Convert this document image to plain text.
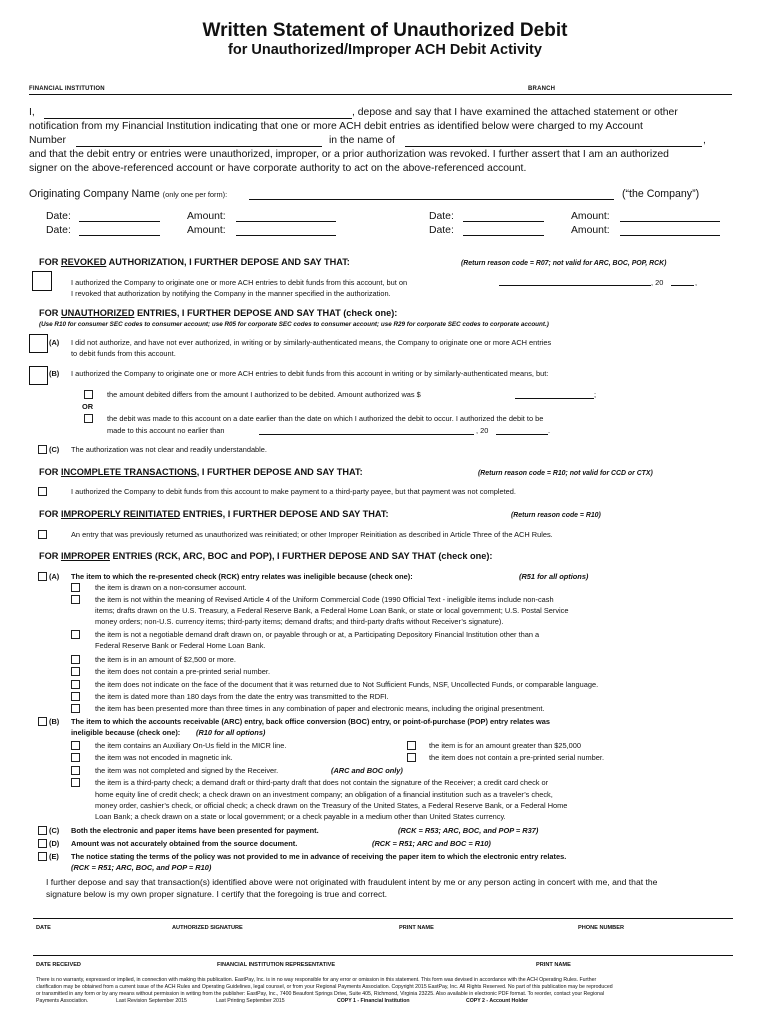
Written Statement of Unauthorized Debit
for Unauthorized/Improper ACH Debit Activity
FINANCIAL INSTITUTION	BRANCH
I,	, depose and say that I have examined the attached statement or other
notification from my Financial Institution indicating that one or more ACH debit entries as identified below were charged to my Account
Number	in the name of	,
and that the debit entry or entries were unauthorized, improper, or a prior authorization was revoked. I further assert that I am an authorized
signer on the above-referenced account or have corporate authority to act on the above-referenced account.
Originating Company Name (only one per form):	(“the Company”)
Date:	Amount:	Date:	Amount:
Date:	Amount:	Date:	Amount:
FOR REVOKED AUTHORIZATION, I FURTHER DEPOSE AND SAY THAT:	(Return reason code = R07; not valid for ARC, BOC, POP, RCK)
I authorized the Company to originate one or more ACH entries to debit funds from this account, but on	, 20	,
I revoked that authorization by notifying the Company in the manner specified in the authorization.
FOR UNAUTHORIZED ENTRIES, I FURTHER DEPOSE AND SAY THAT (check one):
(Use R10 for consumer SEC codes to consumer account; use R05 for corporate SEC codes to consumer account; use R29 for corporate SEC codes to corporate account.)
(A) I did not authorize, and have not ever authorized, in writing or by similarly-authenticated means, the Company to originate one or more ACH entries
to debit funds from this account.
(B) I authorized the Company to originate one or more ACH entries to debit funds from this account in writing or by similarly-authenticated means, but:
the amount debited differs from the amount I authorized to be debited. Amount authorized was $	;
OR
the debit was made to this account on a date earlier than the date on which I authorized the debit to occur. I authorized the debit to be
made to this account no earlier than	, 20	.
(C) The authorization was not clear and readily understandable.
FOR INCOMPLETE TRANSACTIONS, I FURTHER DEPOSE AND SAY THAT:	(Return reason code = R10; not valid for CCD or CTX)
I authorized the Company to debit funds from this account to make payment to a third-party payee, but that payment was not completed.
FOR IMPROPERLY REINITIATED ENTRIES, I FURTHER DEPOSE AND SAY THAT:	(Return reason code = R10)
An entry that was previously returned as unauthorized was reinitiated; or other Improper Reinitiation as described in Article Three of the ACH Rules.
FOR IMPROPER ENTRIES (RCK, ARC, BOC and POP), I FURTHER DEPOSE AND SAY THAT (check one):
(A) The item to which the re-presented check (RCK) entry relates was ineligible because (check one):	(R51 for all options)
the item is drawn on a non-consumer account.
the item is not within the meaning of Revised Article 4 of the Uniform Commercial Code (1990 Official Text - ineligible items include non-cash
items; drafts drawn on the U.S. Treasury, a Federal Reserve Bank, a Federal Home Loan Bank, or state or local government; U.S. Postal Service
money orders; non-U.S. currency items; third-party items; demand drafts; and third-party drafts without Receiver’s signature).
the item is not a negotiable demand draft drawn on, or payable through or at, a Participating Depository Financial Institution other than a
Federal Reserve Bank or Federal Home Loan Bank.
the item is in an amount of $2,500 or more.
the item does not contain a pre-printed serial number.
the item does not indicate on the face of the document that it was returned due to Not Sufficient Funds, NSF, Uncollected Funds, or comparable language.
the item is dated more than 180 days from the date the entry was transmitted to the RDFI.
the item has been presented more than three times in any combination of paper and electronic means, including the original presentment.
(B) The item to which the accounts receivable (ARC) entry, back office conversion (BOC) entry, or point-of-purchase (POP) entry relates was
ineligible because (check one): (R10 for all options)
the item contains an Auxiliary On-Us field in the MICR line.	the item is for an amount greater than $25,000
the item was not encoded in magnetic ink.	the item does not contain a pre-printed serial number.
the item was not completed and signed by the Receiver.	(ARC and BOC only)
the item is a third-party check; a demand draft or third-party draft that does not contain the signature of the Receiver; a credit card check or
home equity line of credit check; a check drawn on an investment company; an obligation of a financial institution such as a traveler’s check,
money order, cashier’s check, or official check; a check drawn on the Treasury of the United States, a Federal Reserve Bank, or a Federal Home
Loan Bank; a check drawn on a state or local government; or a check payable in a medium other than United States currency.
(C) Both the electronic and paper items have been presented for payment.	(RCK = R53; ARC, BOC, and POP = R37)
(D) Amount was not accurately obtained from the source document.	(RCK = R51; ARC and BOC = R10)
(E) The notice stating the terms of the policy was not provided to me in advance of receiving the paper item to which the electronic entry relates.
(RCK = R51; ARC, BOC, and POP = R10)
I further depose and say that transaction(s) identified above were not originated with fraudulent intent by me or any person acting in concert with me, and that the
signature below is my own proper signature. I certify that the foregoing is true and correct.
DATE	AUTHORIZED SIGNATURE	PRINT NAME	PHONE NUMBER
DATE RECEIVED	FINANCIAL INSTITUTION REPRESENTATIVE	PRINT NAME
There is no warranty, expressed or implied, in connection with making this publication. EastPay, Inc. is in no way responsible for any error or omission in this statement. This form was devised in accordance with the ACH Operating Rules. Further
clarification may be obtained from a current issue of the ACH Rules and Operating Guidelines, legal counsel, or from your Regional Payments Association. Copyright 2015 EastPay, Inc. All Rights Reserved. No part of this publication may be reproduced
or transmitted in any form or by any means without permission in writing from the publisher: EastPay, Inc., 7400 Beaufont Springs Drive, Suite 405, Richmond, Virginia 23225. Also available in electronic PDF format. To reorder, contact your Regional
Payments Association.	Last Revision September 2015	Last Printing September 2015	COPY 1 - Financial Institution	COPY 2 - Account Holder
